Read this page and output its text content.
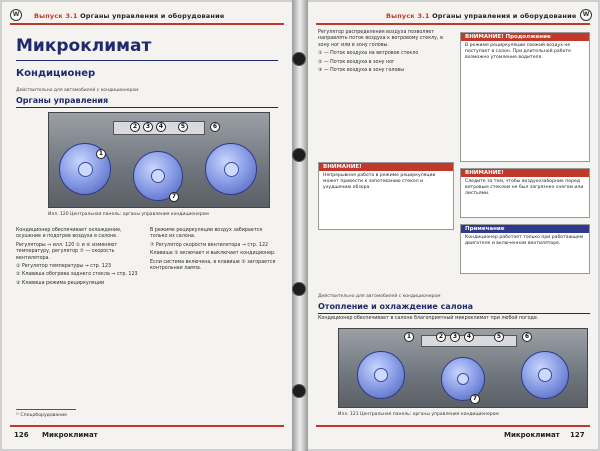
W	Выпуск 3.1 Органы управления и оборудование
Микроклимат
Кондиционер
Действительно для автомобилей с кондиционером
Органы управления
1
2	3	4	5	6
7
Илл. 120 Центральная панель: органы управления кондиционером

Кондиционер обеспечивает охлаждение, осушение и подогрев воздуха в салоне.

Регуляторы ⇒ илл. 120 ① и ⑥ изменяют температуру, регулятор ⑦ — скорость вентилятора.

① Регулятор температуры ⇒ стр. 123

② Клавиша обогрева заднего стекла ⇒ стр. 123

③ Клавиша режима рециркуляции

В режиме рециркуляции воздух забирается только из салона.

⑦ Регулятор скорости вентилятора ⇒ стр. 122

Клавиша ⑤ включает и выключает кондиционер.

Если система включена, в клавише ⑤ загорается контрольная лампа.

¹⁾ Спецоборудование
126 Микроклимат
Выпуск 3.1 Органы управления и оборудование	W

Регулятор распределения воздуха позволяет направлять поток воздуха к ветровому стеклу, в зону ног или в зону головы.

① — Поток воздуха на ветровое стекло

② — Поток воздуха в зону ног

③ — Поток воздуха в зону головы

ВНИМАНИЕ! Продолжение
В режиме рециркуляции свежий воздух не поступает в салон. При длительной работе возможно утомление водителя.
ВНИМАНИЕ!
Непрерывная работа в режиме рециркуляции может привести к запотеванию стекол и ухудшению обзора.
ВНИМАНИЕ!
Следите за тем, чтобы воздухозаборник перед ветровым стеклом не был загрязнен снегом или листьями.
Примечание
Кондиционер работает только при работающем двигателе и включенном вентиляторе.
Действительно для автомобилей с кондиционером
Отопление и охлаждение салона
Кондиционер обеспечивает в салоне благоприятный микроклимат при любой погоде.
1	2	3	4	5	6
7
Илл. 121 Центральная панель: органы управления кондиционером
Микроклимат 127
